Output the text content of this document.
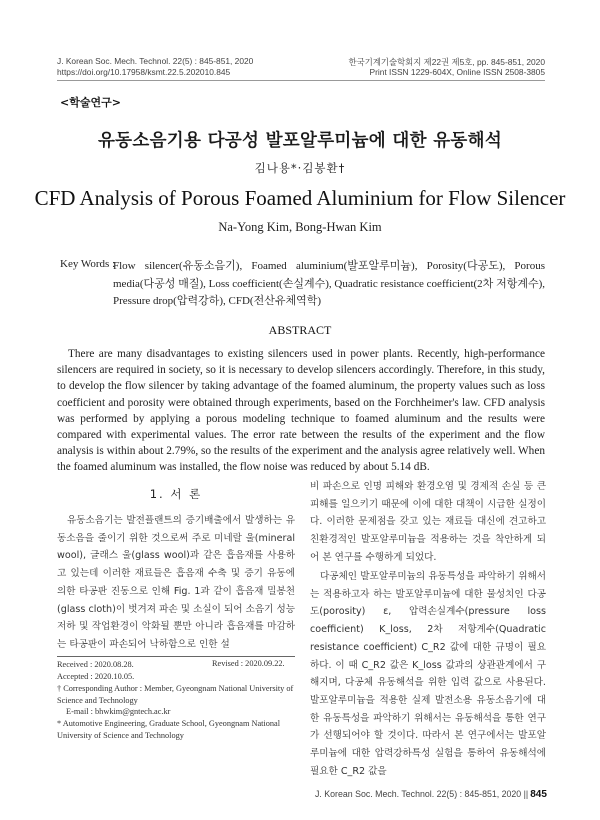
J. Korean Soc. Mech. Technol. 22(5) : 845-851, 2020
https://doi.org/10.17958/ksmt.22.5.202010.845
한국기계기술학회지 제22권 제5호, pp. 845-851, 2020
Print ISSN 1229-604X, Online ISSN 2508-3805
<학술연구>
유동소음기용 다공성 발포알루미늄에 대한 유동해석
김나용*·김봉환†
CFD Analysis of Porous Foamed Aluminium for Flow Silencer
Na-Yong Kim, Bong-Hwan Kim
Key Words :
Flow silencer(유동소음기), Foamed aluminium(발포알루미늄), Porosity(다공도), Porous media(다공성 매질), Loss coefficient(손실계수), Quadratic resistance coefficient(2차 저항계수), Pressure drop(압력강하), CFD(전산유체역학)
ABSTRACT
There are many disadvantages to existing silencers used in power plants. Recently, high-performance silencers are required in society, so it is necessary to develop silencers accordingly. Therefore, in this study, to develop the flow silencer by taking advantage of the foamed aluminum, the property values such as loss coefficient and porosity were obtained through experiments, based on the Forchheimer's law. CFD analysis was performed by applying a porous modeling technique to foamed aluminum and the results were compared with experimental values. The error rate between the results of the experiment and the flow analysis is within about 2.79%, so the results of the experiment and the analysis agree relatively well. When the foamed aluminum was installed, the flow noise was reduced by about 5.14 dB.
1. 서 론
유동소음기는 발전플랜트의 증기배출에서 발생하는 유동소음을 줄이기 위한 것으로써 주로 미네랄 울(mineral wool), 글래스 울(glass wool)과 같은 흡음재를 사용하고 있는데 이러한 재료들은 흡음재 수축 및 증기 유동에 의한 타공판 진동으로 인해 Fig. 1과 같이 흡음재 밀봉천(glass cloth)이 벗겨져 파손 및 소실이 되어 소음기 성능 저하 및 작업환경이 악화될 뿐만 아니라 흡음재를 마감하는 타공판이 파손되어 낙하함으로 인한 설
비 파손으로 인명 피해와 환경오염 및 경제적 손실 등 큰 피해를 일으키기 때문에 이에 대한 대책이 시급한 실정이다. 이러한 문제점을 갖고 있는 재료들 대신에 견고하고 친환경적인 발포알루미늄을 적용하는 것을 착안하게 되어 본 연구를 수행하게 되었다.
다공체인 발포알루미늄의 유동특성을 파악하기 위해서는 적용하고자 하는 발포알루미늄에 대한 물성치인 다공도(porosity) ε, 압력손실계수(pressure loss coefficient) K_loss, 2차 저항계수(Quadratic resistance coefficient) C_R2 값에 대한 규명이 필요하다. 이 때 C_R2 값은 K_loss 값과의 상관관계에서 구해지며, 다공체 유동해석을 위한 입력 값으로 사용된다. 발포알루미늄을 적용한 실제 발전소용 유동소음기에 대한 유동특성을 파악하기 위해서는 유동해석을 통한 연구가 선행되어야 할 것이다. 따라서 본 연구에서는 발포알루미늄에 대한 압력강하특성 실험을 통하여 유동해석에 필요한 C_R2 값을
Received : 2020.08.28.	Revised : 2020.09.22.
Accepted : 2020.10.05.
† Corresponding Author : Member, Gyeongnam National University of Science and Technology
E-mail : bhwkim@gntech.ac.kr
* Automotive Engineering, Graduate School, Gyeongnam National University of Science and Technology
J. Korean Soc. Mech. Technol. 22(5) : 845-851, 2020 || 845
